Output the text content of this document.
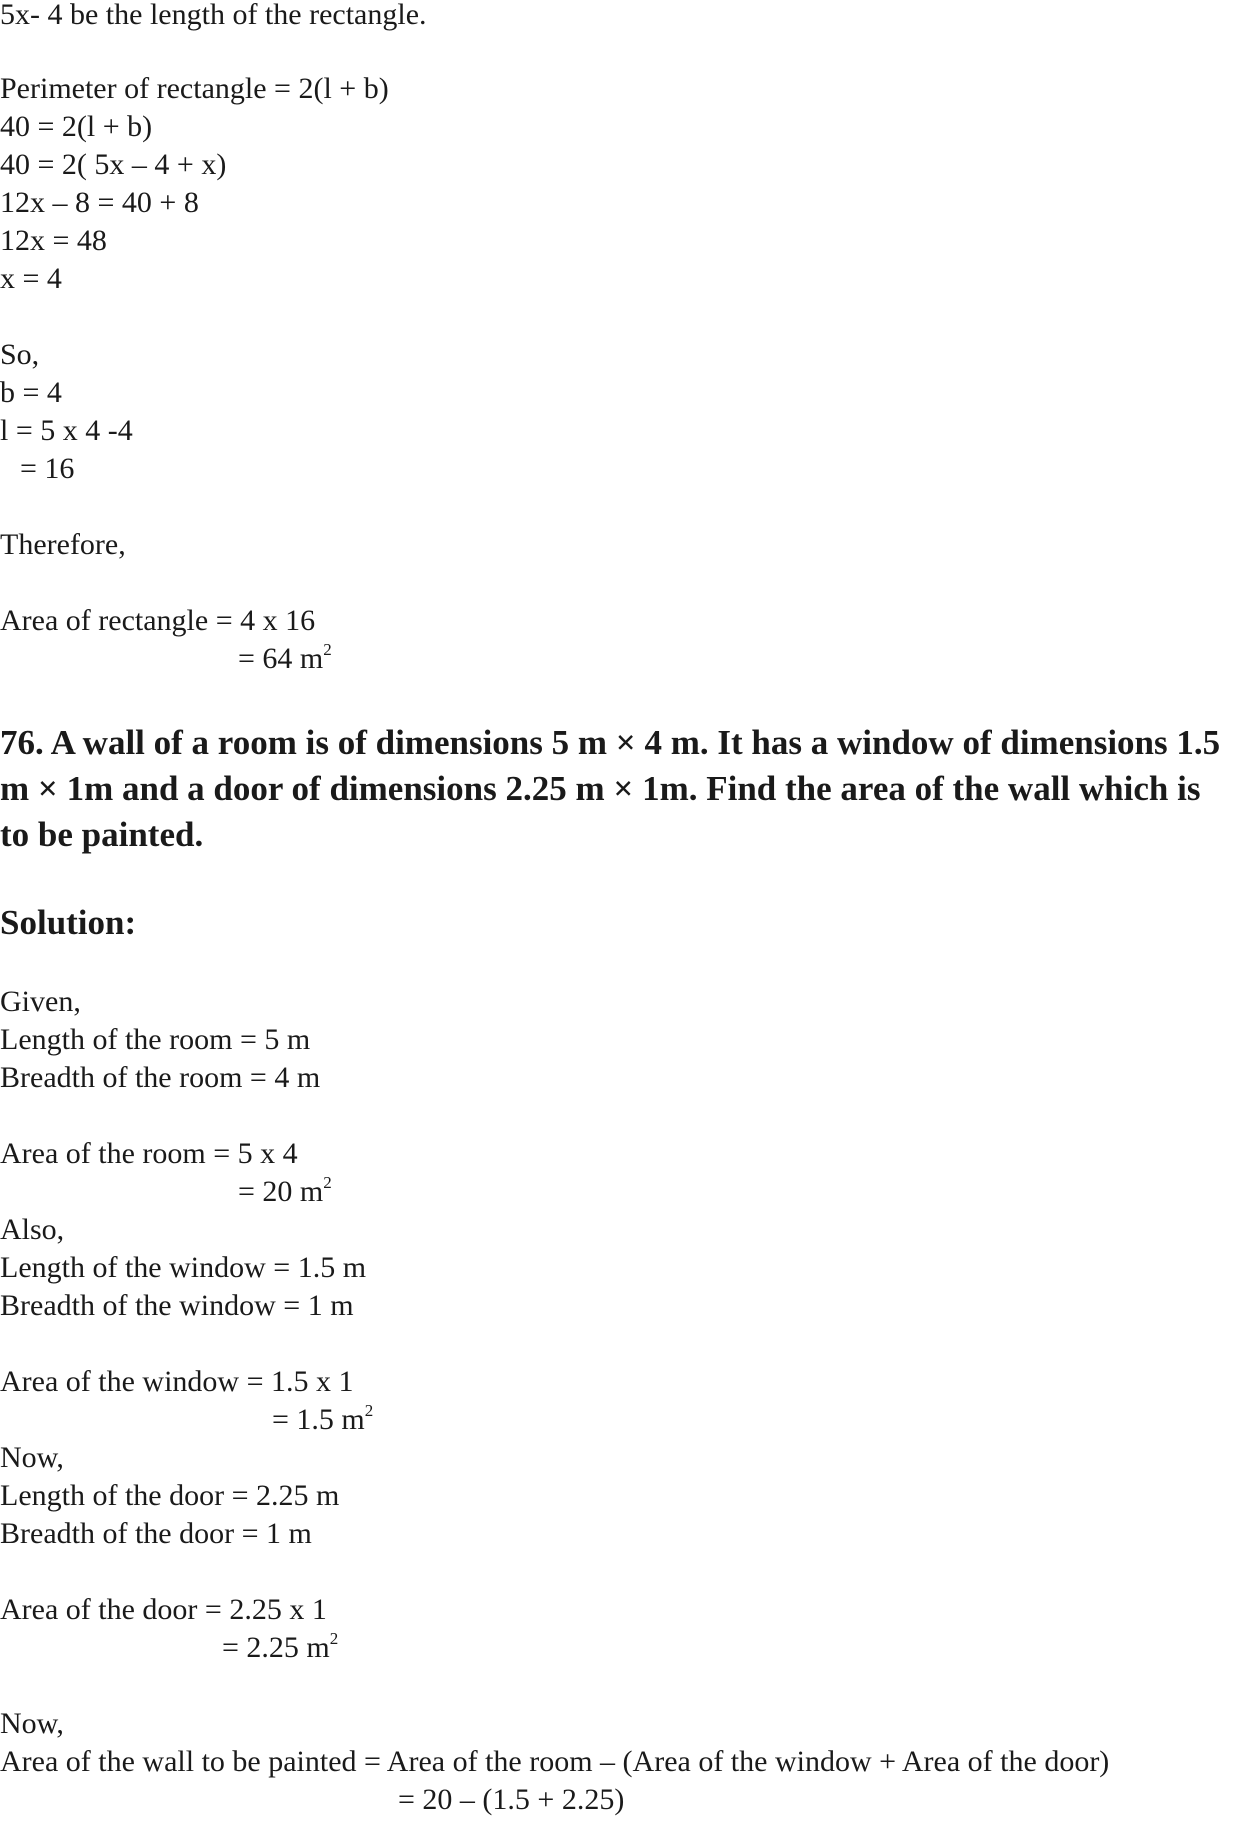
5x- 4 be the length of the rectangle.
Perimeter of rectangle = 2(l + b)
40 = 2(l + b)
40 = 2( 5x – 4 + x)
12x – 8 = 40 + 8
12x = 48
x = 4
So,
b = 4
l = 5 x 4 -4
= 16
Therefore,
Area of rectangle = 4 x 16
= 64 $m^2$
76. A wall of a room is of dimensions 5 m × 4 m. It has a window of dimensions 1.5 m × 1m and a door of dimensions 2.25 m × 1m. Find the area of the wall which is to be painted.
Solution:
Given,
Length of the room = 5 m
Breadth of the room = 4 m
Area of the room = 5 x 4
= 20 $m^2$
Also,
Length of the window = 1.5 m
Breadth of the window = 1 m
Area of the window = 1.5 x 1
= 1.5 $m^2$
Now,
Length of the door = 2.25 m
Breadth of the door = 1 m
Area of the door = 2.25 x 1
= 2.25 $m^2$
Now,
Area of the wall to be painted = Area of the room – (Area of the window + Area of the door)
= 20 – (1.5 + 2.25)
